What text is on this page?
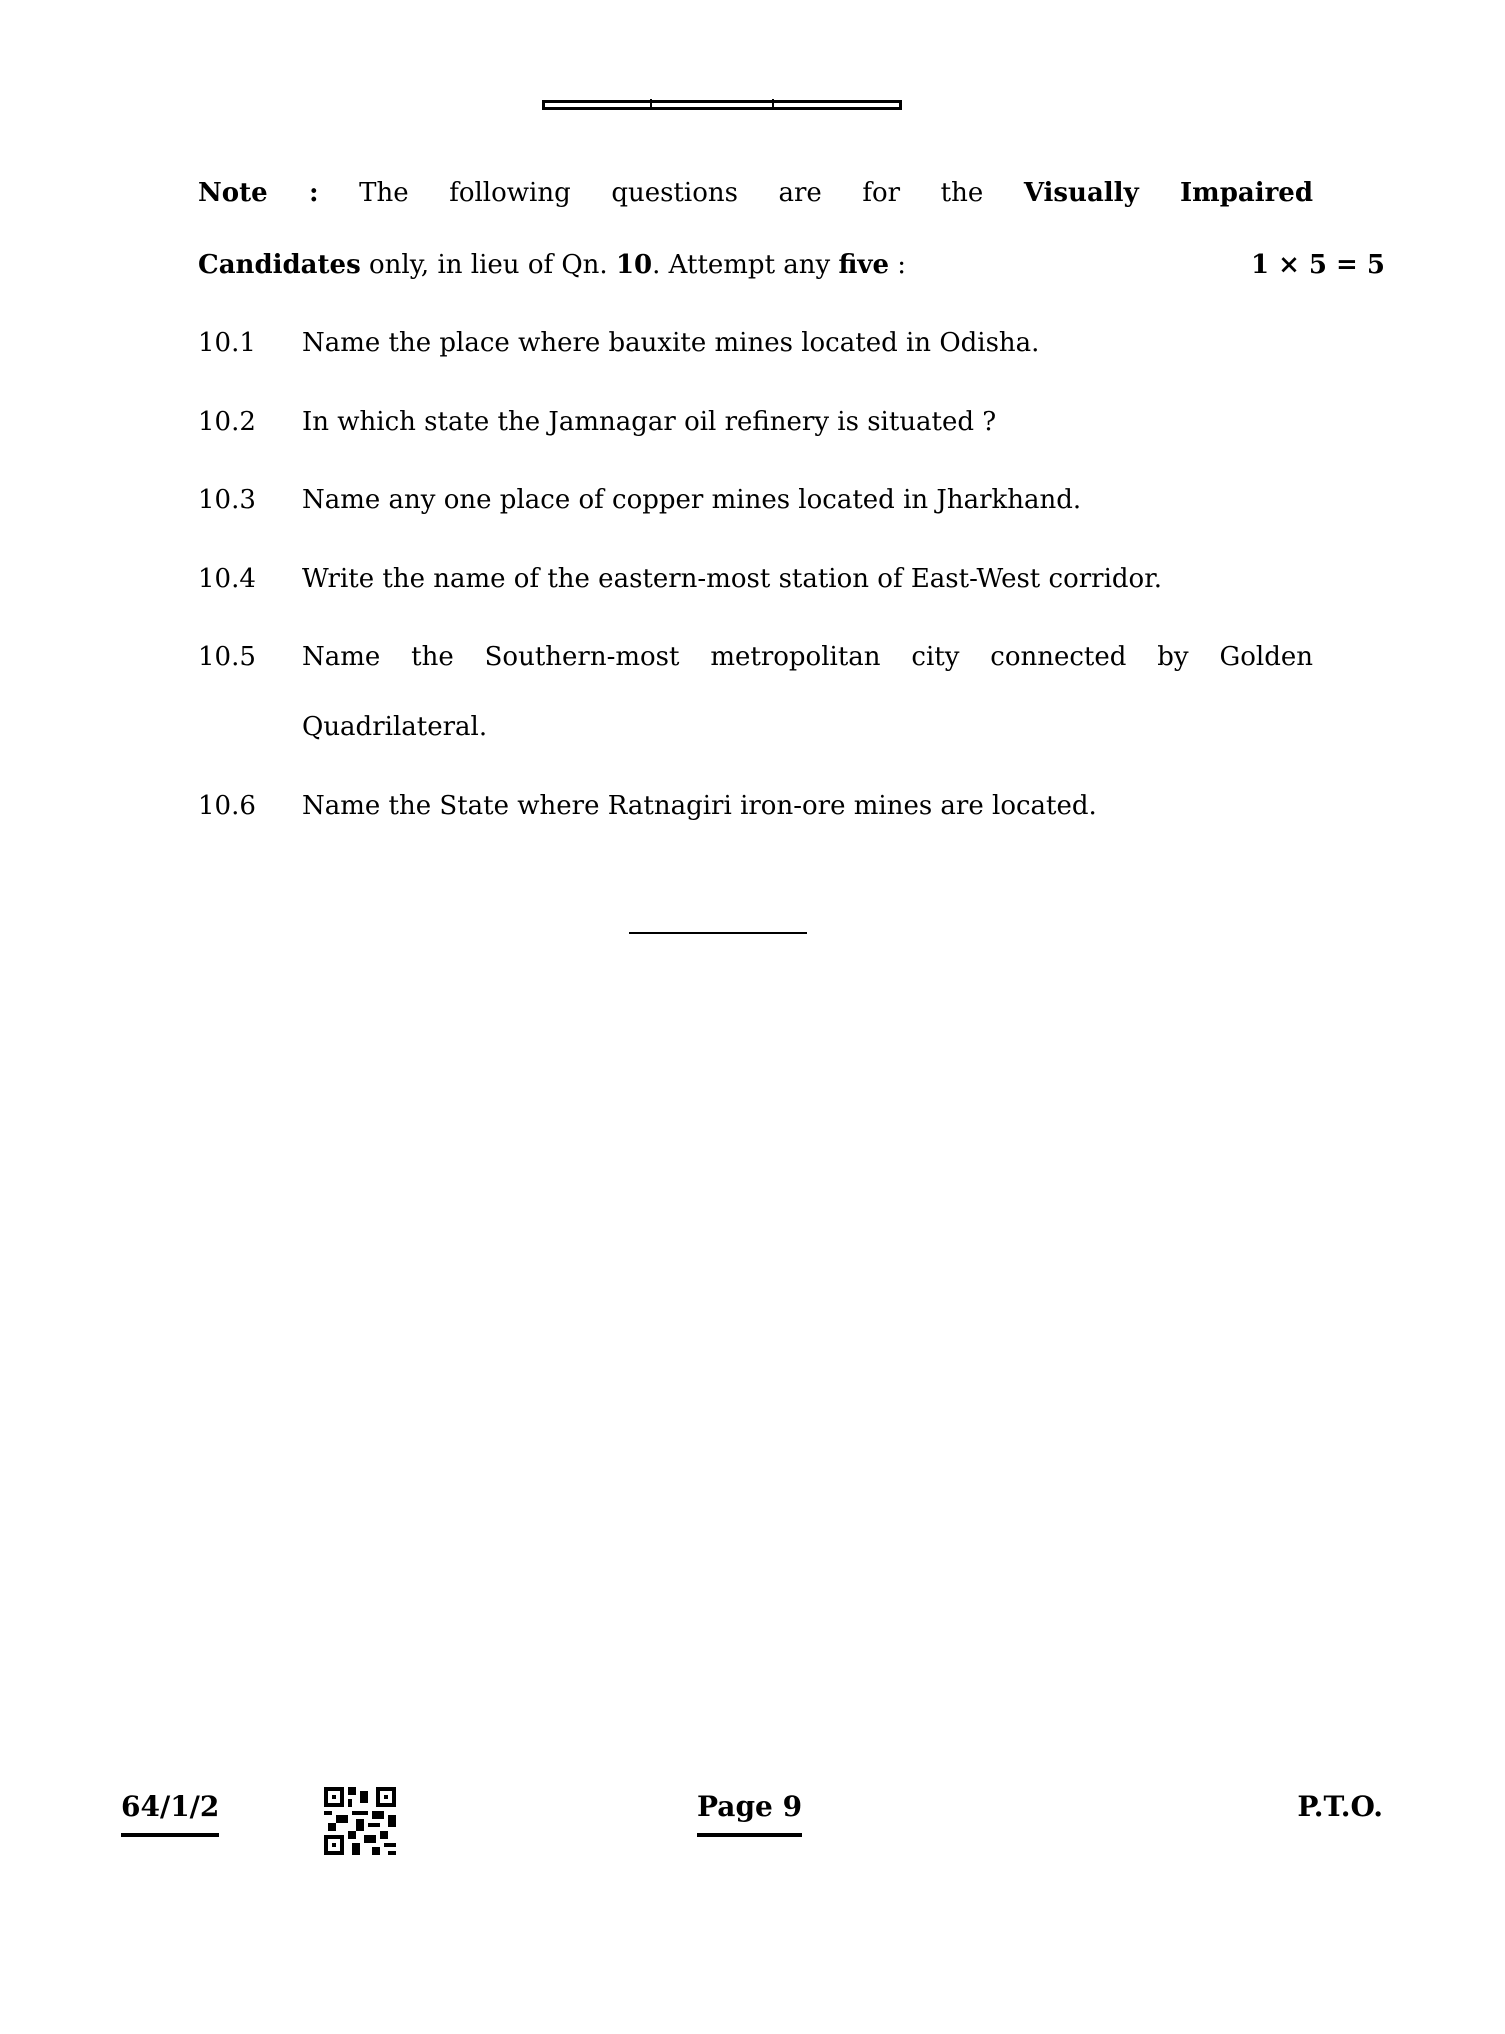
Note : The following questions are for the Visually Impaired
Candidates only, in lieu of Qn. 10. Attempt any five :	1 × 5 = 5
10.1 Name the place where bauxite mines located in Odisha.
10.2 In which state the Jamnagar oil refinery is situated ?
10.3 Name any one place of copper mines located in Jharkhand.
10.4 Write the name of the eastern-most station of East-West corridor.
10.5 Name the Southern-most metropolitan city connected by Golden
Quadrilateral.
10.6 Name the State where Ratnagiri iron-ore mines are located.
64/1/2	Page 9	P.T.O.
